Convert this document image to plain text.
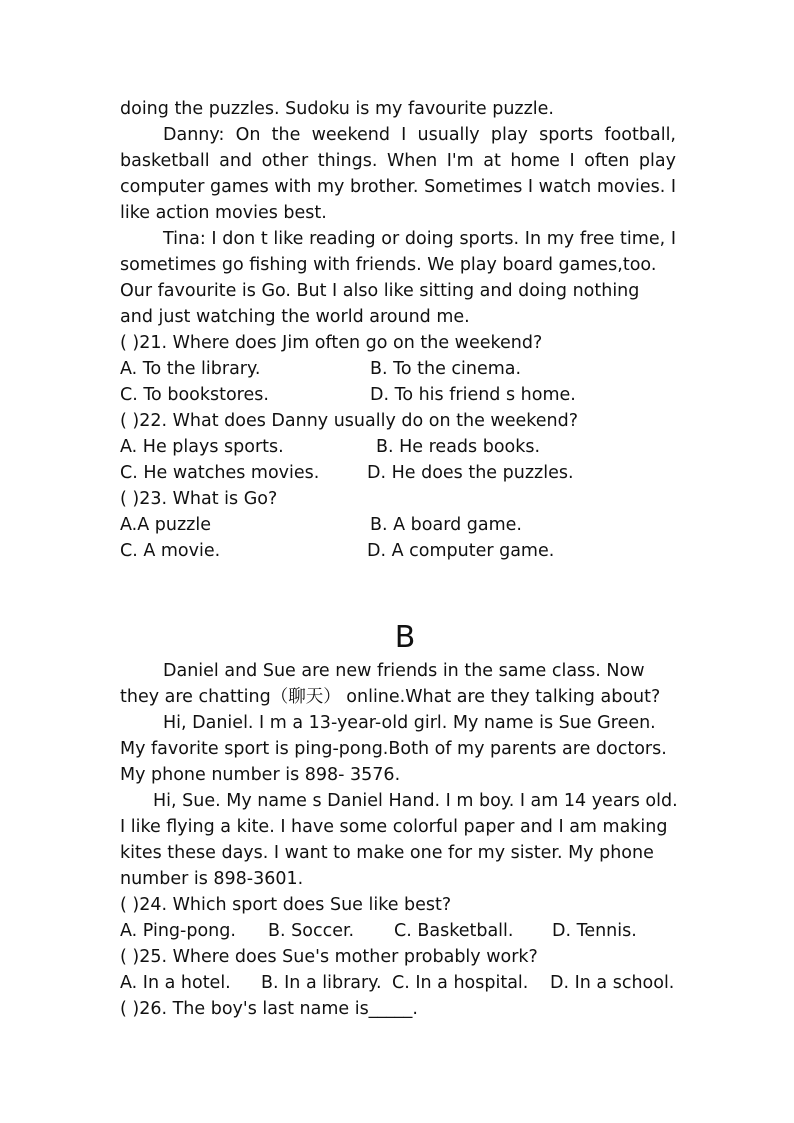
doing the puzzles. Sudoku is my favourite puzzle.
Danny: On the weekend I usually play sports football,
basketball and other things. When I'm at home I often play
computer games with my brother. Sometimes I watch movies. I
like action movies best.
Tina: I don t like reading or doing sports. In my free time, I
sometimes go fishing with friends. We play board games,too.
Our favourite is Go. But I also like sitting and doing nothing
and just watching the world around me.
( )21. Where does Jim often go on the weekend?
A. To the library.	B. To the cinema.
C. To bookstores.	D. To his friend s home.
( )22. What does Danny usually do on the weekend?
A. He plays sports.	B. He reads books.
C. He watches movies.	D. He does the puzzles.
( )23. What is Go?
A.A puzzle	B. A board game.
C. A movie.	D. A computer game.
B
Daniel and Sue are new friends in the same class. Now
they are chatting（聊天） online.What are they talking about?
Hi, Daniel. I m a 13-year-old girl. My name is Sue Green.
My favorite sport is ping-pong.Both of my parents are doctors.
My phone number is 898- 3576.
Hi, Sue. My name s Daniel Hand. I m boy. I am 14 years old.
I like flying a kite. I have some colorful paper and I am making
kites these days. I want to make one for my sister. My phone
number is 898-3601.
( )24. Which sport does Sue like best?
A. Ping-pong. B. Soccer. C. Basketball. D. Tennis.
( )25. Where does Sue's mother probably work?
A. In a hotel. B. In a library. C. In a hospital. D. In a school.
( )26. The boy's last name is_____.
